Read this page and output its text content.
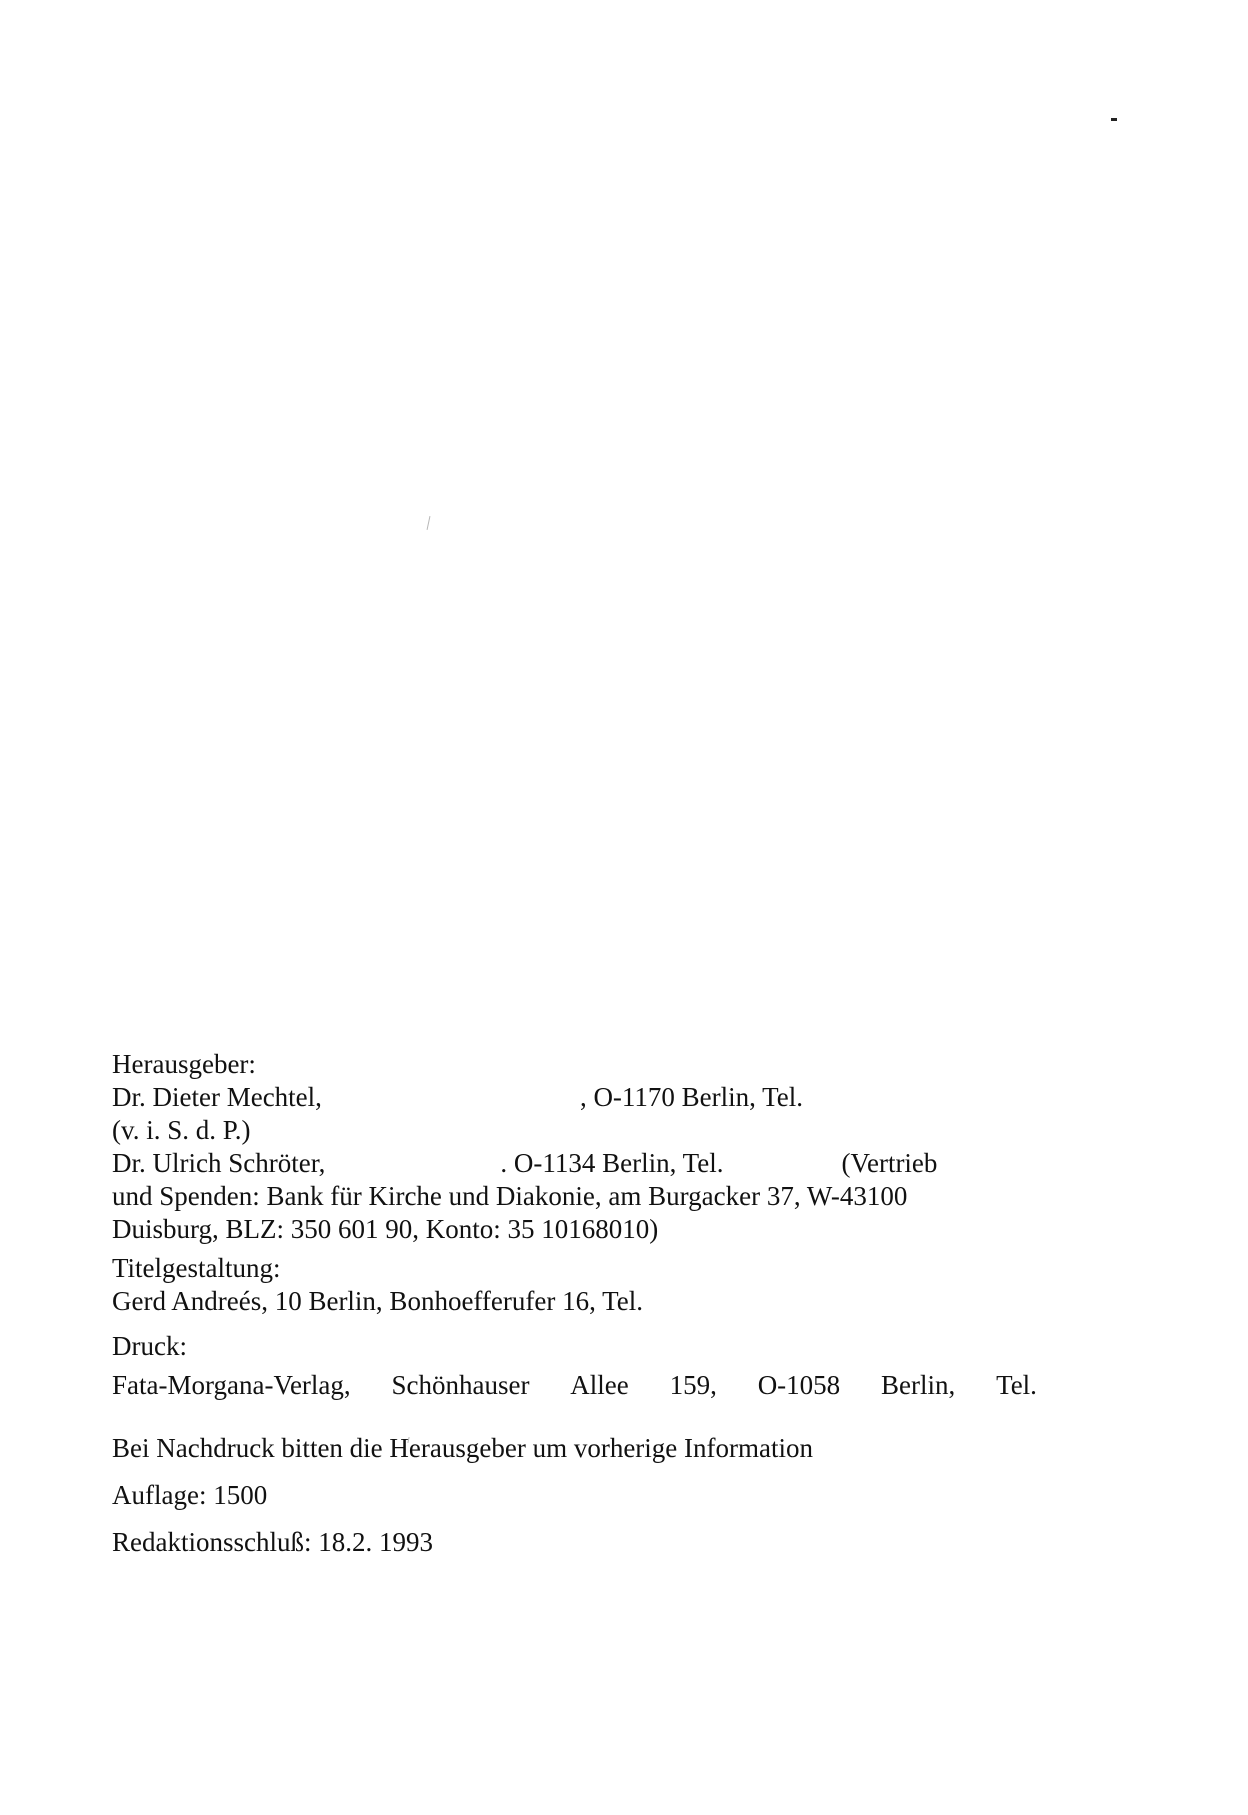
Herausgeber:
Dr. Dieter Mechtel,	, O-1170 Berlin, Tel.
(v. i. S. d. P.)
Dr. Ulrich Schröter,	. O-1134 Berlin, Tel.	(Vertrieb
und Spenden: Bank für Kirche und Diakonie, am Burgacker 37, W-43100
Duisburg, BLZ: 350 601 90, Konto: 35 10168010)
Titelgestaltung:
Gerd Andreés, 10 Berlin, Bonhoefferufer 16, Tel.
Druck:
Fata-Morgana-Verlag, Schönhauser Allee 159, O-1058 Berlin, Tel.
Bei Nachdruck bitten die Herausgeber um vorherige Information
Auflage: 1500
Redaktionsschluß: 18.2. 1993
